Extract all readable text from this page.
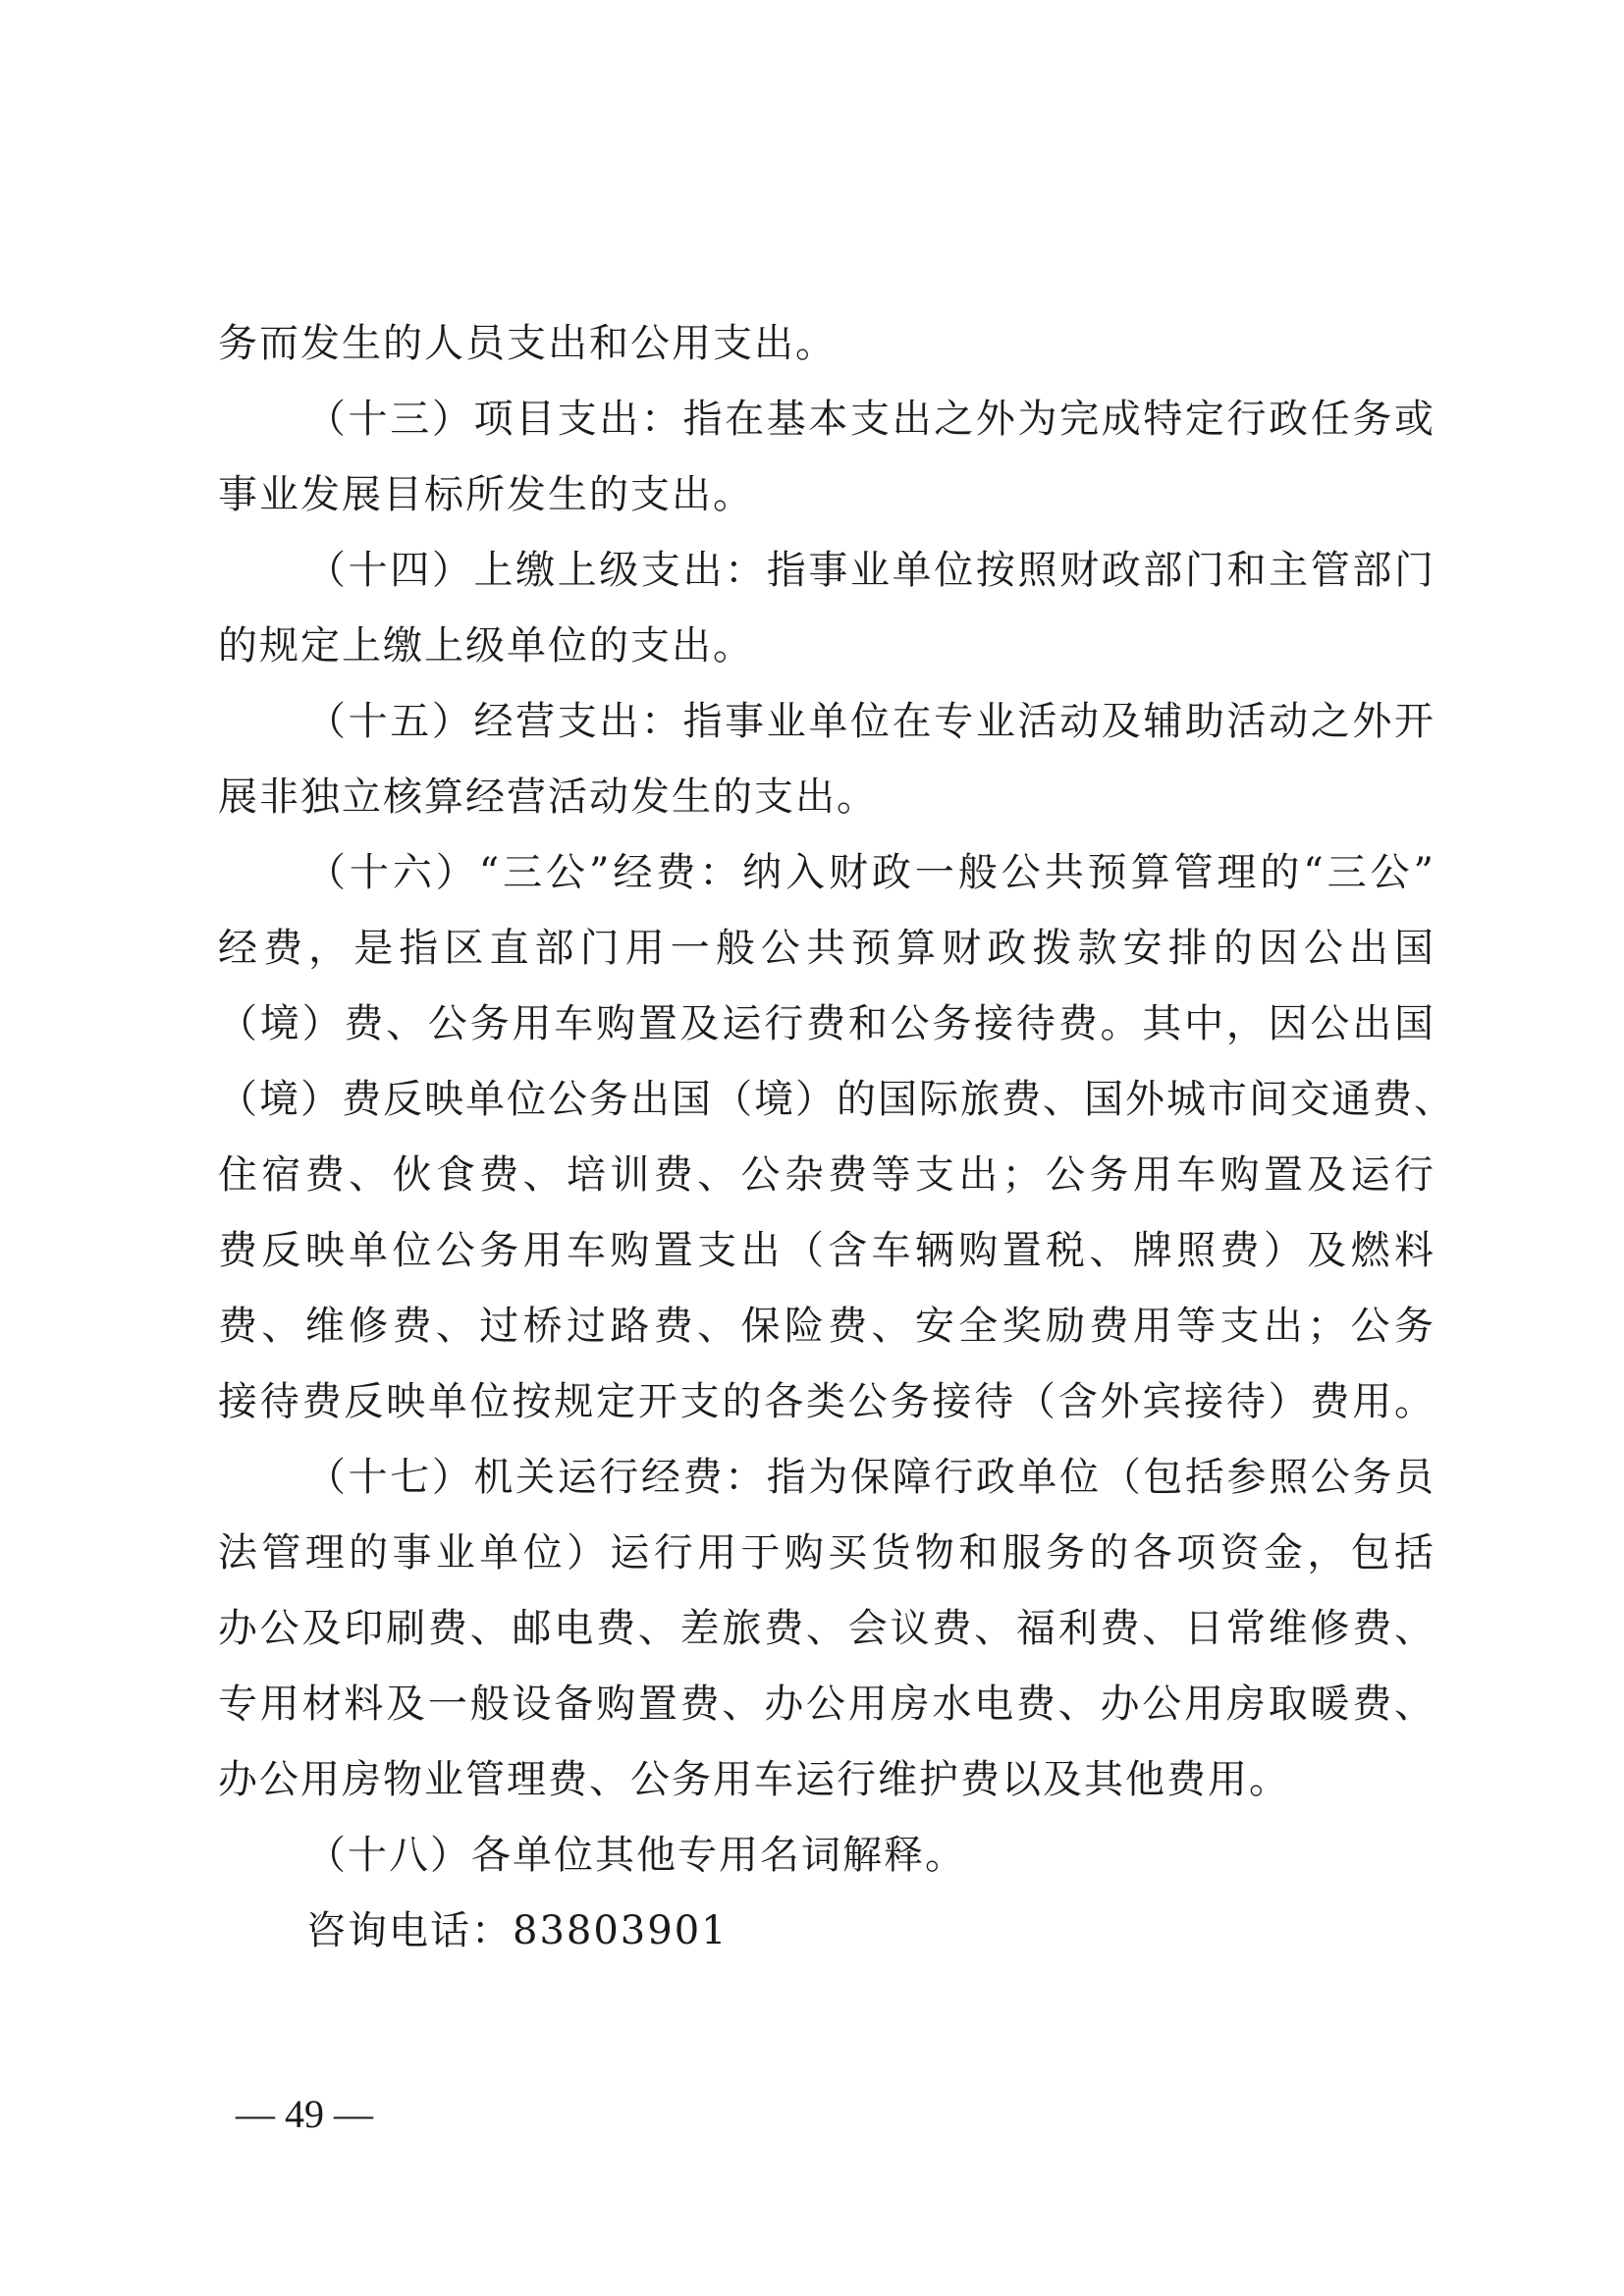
务而发生的人员支出和公用支出。
（十三）项目支出：指在基本支出之外为完成特定行政任务或
事业发展目标所发生的支出。
（十四）上缴上级支出：指事业单位按照财政部门和主管部门
的规定上缴上级单位的支出。
（十五）经营支出：指事业单位在专业活动及辅助活动之外开
展非独立核算经营活动发生的支出。
（十六）“三公”经费：纳入财政一般公共预算管理的“三公”
经费，是指区直部门用一般公共预算财政拨款安排的因公出国
（境）费、公务用车购置及运行费和公务接待费。其中，因公出国
（境）费反映单位公务出国（境）的国际旅费、国外城市间交通费、
住宿费、伙食费、培训费、公杂费等支出；公务用车购置及运行
费反映单位公务用车购置支出（含车辆购置税、牌照费）及燃料
费、维修费、过桥过路费、保险费、安全奖励费用等支出；公务
接待费反映单位按规定开支的各类公务接待（含外宾接待）费用。
（十七）机关运行经费：指为保障行政单位（包括参照公务员
法管理的事业单位）运行用于购买货物和服务的各项资金，包括
办公及印刷费、邮电费、差旅费、会议费、福利费、日常维修费、
专用材料及一般设备购置费、办公用房水电费、办公用房取暖费、
办公用房物业管理费、公务用车运行维护费以及其他费用。
（十八）各单位其他专用名词解释。
咨询电话：83803901
— 49 —
